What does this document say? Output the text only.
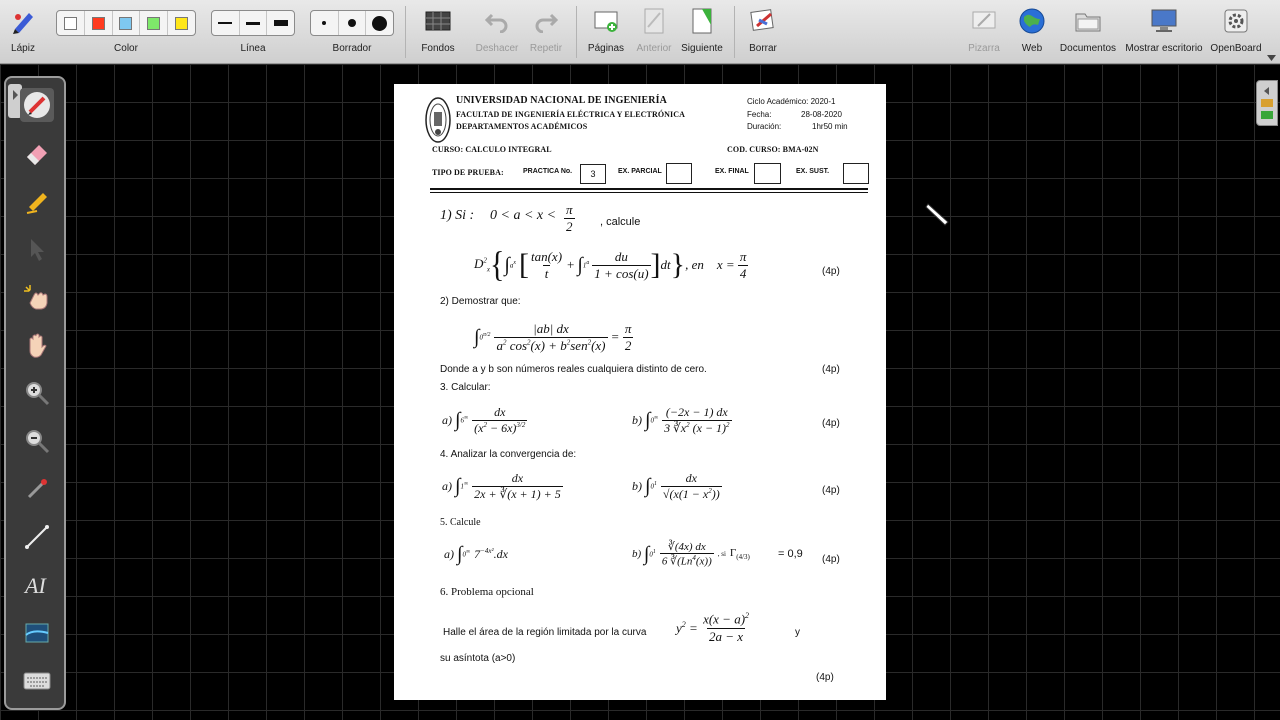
Lápiz	Color	Línea	Borrador	Fondos	Deshacer	Repetir	Páginas	Anterior Siguiente	Borrar	Pizarra	Web	Documentos Mostrar escritorio OpenBoard
AI
UNIVERSIDAD NACIONAL DE INGENIERÍA
FACULTAD DE INGENIERÍA ELÉCTRICA Y ELECTRÓNICA
DEPARTAMENTOS ACADÉMICOS
Ciclo Académico: 2020-1
Fecha:	28-08-2020
Duración:	1hr50 min
CURSO: CALCULO INTEGRAL	COD. CURSO: BMA-02N
TIPO DE PRUEBA:	PRACTICA No. 3	EX. PARCIAL	EX. FINAL	EX. SUST.
1) Si : $0 < a < x < \frac{\pi}{2}$ , calcule
$D^2_x$ { ∫ $a^x$ [ $\frac{\tan(x)}{t}$ + ∫ $1^a \frac{du}{1 + \cos(u)}$ ] dt } , en    $x = \frac{\pi}{4}$	(4p)
2) Demostrar que:
∫ $0^{\pi/2} \frac{|ab| dx}{a^2 \cos^2(x) + b^2sen^2(x)} = \frac{\pi}{2}$
Donde a y b son números reales cualquiera distinto de cero.	(4p)
3. Calcular:
a) ∫ $6^\infty \frac{dx}{(x^2 - 6x)^{3/2}}$	b) ∫ $0^\infty \frac{(-2x - 1) dx}{3 ∛x^2 (x - 1)^2}$	(4p)
4. Analizar la convergencia de:
a) ∫ $1^\infty \frac{dx}{2x + ∛(x + 1) + 5}$	b) ∫ $0^1 \frac{dx}{√(x(1 - x^2))}$	(4p)
5. Calcule
a) ∫ 0∞ $7^{-4x^2}.dx$	b) ∫ $0^1 \frac{∛(4x) dx}{6 ∛(Ln^4(x))}$ , si $\Gamma_{(4/3)}$	= 0,9 (4p)
6. Problema opcional
Halle el área de la región limitada por la curva $y^2 = \frac{x(x - a)^2}{2a - x}$	y
su asíntota (a>0)
(4p)
